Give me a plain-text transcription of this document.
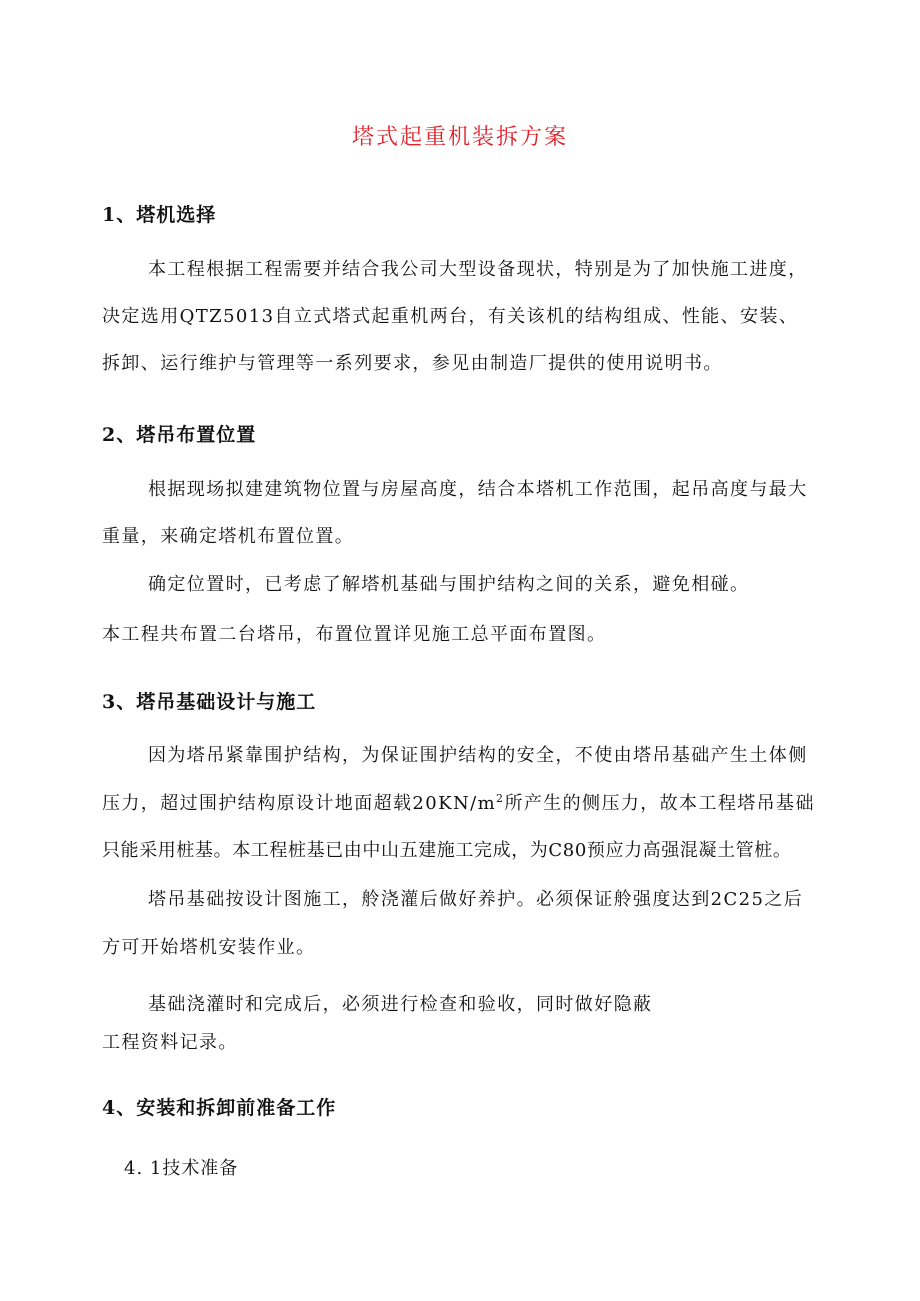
塔式起重机装拆方案
1、塔机选择
本工程根据工程需要并结合我公司大型设备现状，特别是为了加快施工进度，
决定选用QTZ5013自立式塔式起重机两台，有关该机的结构组成、性能、安装、
拆卸、运行维护与管理等一系列要求，参见由制造厂提供的使用说明书。
2、塔吊布置位置
根据现场拟建建筑物位置与房屋高度，结合本塔机工作范围，起吊高度与最大
重量，来确定塔机布置位置。
确定位置时，已考虑了解塔机基础与围护结构之间的关系，避免相碰。
本工程共布置二台塔吊，布置位置详见施工总平面布置图。
3、塔吊基础设计与施工
因为塔吊紧靠围护结构，为保证围护结构的安全，不使由塔吊基础产生土体侧
压力，超过围护结构原设计地面超载$20KN/m^2$所产生的侧压力，故本工程塔吊基础
只能采用桩基。本工程桩基已由中山五建施工完成，为C80预应力高强混凝土管桩。
塔吊基础按设计图施工，舲浇灌后做好养护。必须保证舲强度达到2C25之后
方可开始塔机安装作业。
基础浇灌时和完成后，必须进行检查和验收，同时做好隐蔽
工程资料记录。
4、安装和拆卸前准备工作
4. 1技术准备
